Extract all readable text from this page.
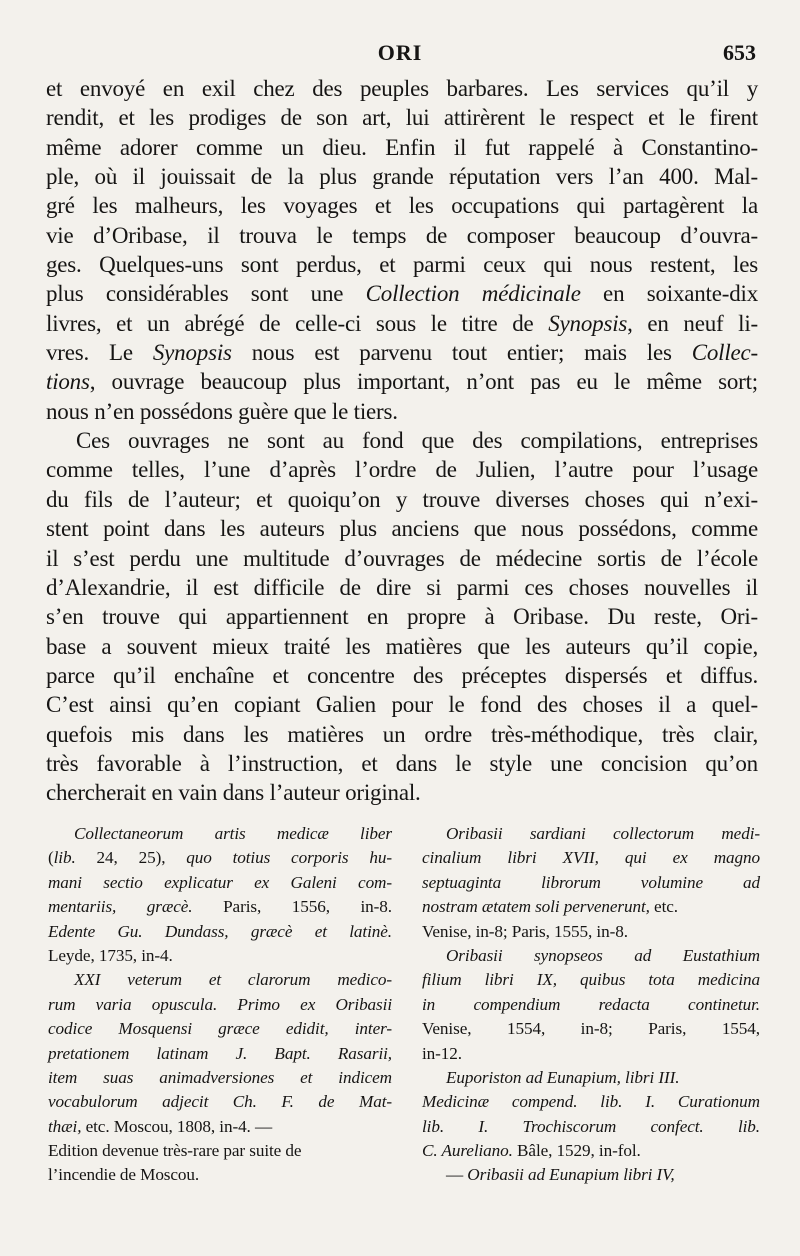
ORI	653
et envoyé en exil chez des peuples barbares. Les services qu’il y
rendit, et les prodiges de son art, lui attirèrent le respect et le firent
même adorer comme un dieu. Enfin il fut rappelé à Constantino-
ple, où il jouissait de la plus grande réputation vers l’an 400. Mal-
gré les malheurs, les voyages et les occupations qui partagèrent la
vie d’Oribase, il trouva le temps de composer beaucoup d’ouvra-
ges. Quelques-uns sont perdus, et parmi ceux qui nous restent, les
plus considérables sont une Collection médicinale en soixante-dix
livres, et un abrégé de celle-ci sous le titre de Synopsis, en neuf li-
vres. Le Synopsis nous est parvenu tout entier; mais les Collec-
tions, ouvrage beaucoup plus important, n’ont pas eu le même sort;
nous n’en possédons guère que le tiers.
Ces ouvrages ne sont au fond que des compilations, entreprises
comme telles, l’une d’après l’ordre de Julien, l’autre pour l’usage
du fils de l’auteur; et quoiqu’on y trouve diverses choses qui n’exi-
stent point dans les auteurs plus anciens que nous possédons, comme
il s’est perdu une multitude d’ouvrages de médecine sortis de l’école
d’Alexandrie, il est difficile de dire si parmi ces choses nouvelles il
s’en trouve qui appartiennent en propre à Oribase. Du reste, Ori-
base a souvent mieux traité les matières que les auteurs qu’il copie,
parce qu’il enchaîne et concentre des préceptes dispersés et diffus.
C’est ainsi qu’en copiant Galien pour le fond des choses il a quel-
quefois mis dans les matières un ordre très-méthodique, très clair,
très favorable à l’instruction, et dans le style une concision qu’on
chercherait en vain dans l’auteur original.
Collectaneorum artis medicæ liber
(lib. 24, 25), quo totius corporis hu-
mani sectio explicatur ex Galeni com-
mentariis, græcè. Paris, 1556, in-8.
Edente Gu. Dundass, græcè et latinè.
Leyde, 1735, in-4.
XXI veterum et clarorum medico-
rum varia opuscula. Primo ex Oribasii
codice Mosquensi græce edidit, inter-
pretationem latinam J. Bapt. Rasarii,
item suas animadversiones et indicem
vocabulorum adjecit Ch. F. de Mat-
thæi, etc. Moscou, 1808, in-4. —
Edition devenue très-rare par suite de
l’incendie de Moscou.
Oribasii sardiani collectorum medi-
cinalium libri XVII, qui ex magno
septuaginta librorum volumine ad
nostram ætatem soli pervenerunt, etc.
Venise, in-8; Paris, 1555, in-8.
Oribasii synopseos ad Eustathium
filium libri IX, quibus tota medicina
in compendium redacta continetur.
Venise, 1554, in-8; Paris, 1554,
in-12.
Euporiston ad Eunapium, libri III.
Medicinæ compend. lib. I. Curationum
lib. I. Trochiscorum confect. lib.
C. Aureliano. Bâle, 1529, in-fol.
— Oribasii ad Eunapium libri IV,
